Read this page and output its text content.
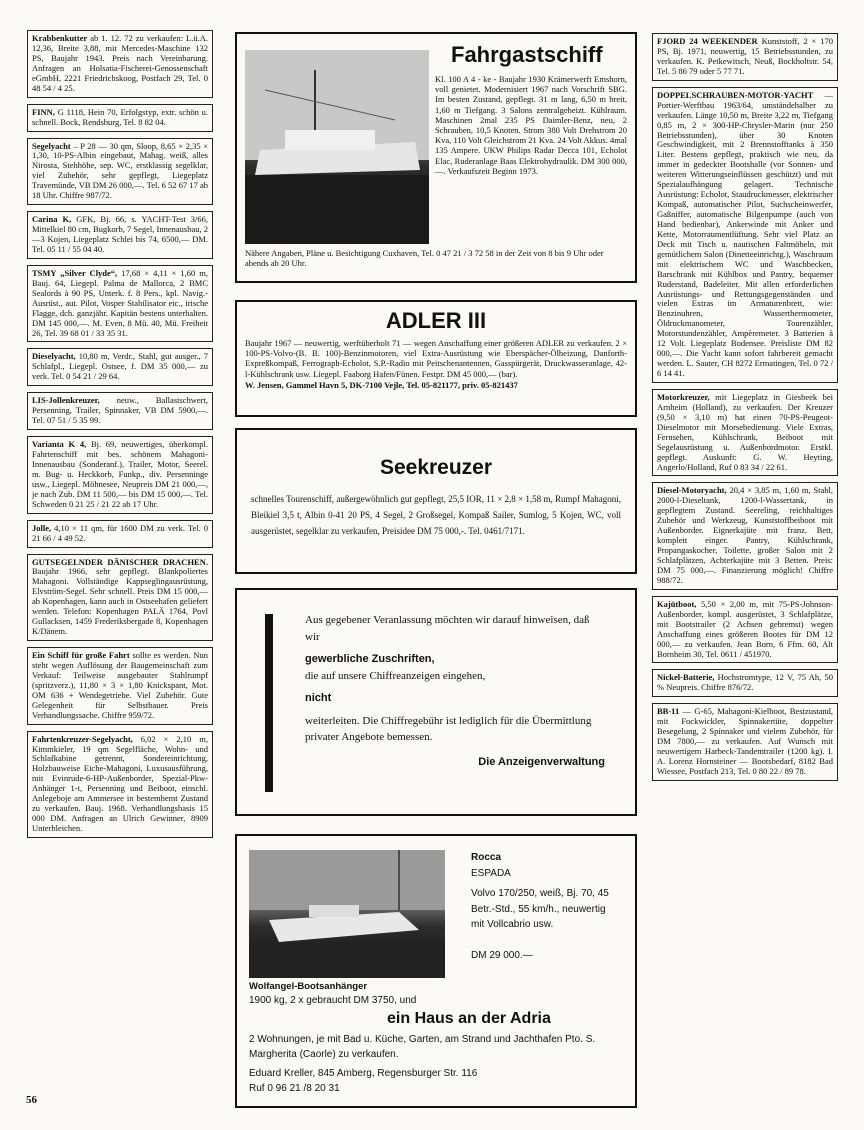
Krabbenkutter ab 1. 12. 72 zu verkaufen: L.ü.A. 12,36, Breite 3,88, mit Mercedes-Maschine 132 PS, Baujahr 1943. Preis nach Vereinbarung. Anfragen an Holsatia-Fischerei-Genossenschaft eGmbH, 2221 Friedrichskoog, Postfach 29, Tel. 0 48 54 / 4 25.
FINN, G 1118, Hein 70, Erfolgstyp, extr. schön u. schnell. Bock, Rendsburg, Tel. 8 82 04.
Segelyacht – P 28 — 30 qm, Sloop, 8,65 × 2,35 × 1,30, 10-PS-Albin eingebaut, Mahag. weiß, alles Nirosta, Stehhöhe, sep. WC, erstklassig segelklar, viel Zubehör, sehr gepflegt, Liegeplatz Travemünde, VB DM 26 000,—. Tel. 6 52 67 17 ab 18 Uhr. Chiffre 987/72.
Carina K, GFK, Bj. 66, s. YACHT-Test 3/66, Mittelkiel 80 cm, Bugkorb, 7 Segel, Innenausbau, 2—3 Kojen, Liegeplatz Schlei bis 74, 6500,— DM. Tel. 05 11 / 55 04 40.
TSMY „Silver Clyde“, 17,68 × 4,11 × 1,60 m, Bauj. 64, Liegepl. Palma de Mallorca, 2 BMC Sealords à 90 PS, Unterk. f. 8 Pers., kpl. Navig.-Ausrüst., aut. Pilot, Vosper Stabilisator etc., irische Flagge, dch. ganzjähr. Kapitän bestens unterhalten. DM 145 000,—. M. Even, 8 Mü. 40, Mü. Freiheit 26, Tel. 39 68 01 / 33 35 31.
Dieselyacht, 10,80 m, Verdr., Stahl, gut ausger., 7 Schlafpl., Liegepl. Ostsee, f. DM 35 000,— zu verk. Tel. 0 54 21 / 29 64.
LIS-Jollenkreuzer, neuw., Ballastschwert, Persenning, Trailer, Spinnaker, VB DM 5900,—. Tel. 07 51 / 5 35 99.
Varianta K 4, Bj. 69, neuwertiges, überkompl. Fahrtenschiff mit bes. schönem Mahagoni-Innenausbau (Sonderanf.), Trailer, Motor, Seerel. m. Bug- u. Heckkorb, Funkp., div. Persenninge usw., Liegepl. Möhnesee, Neupreis DM 21 000,—, je nach Zub. DM 11 500,— bis DM 15 000,—. Tel. Schweden 0 21 25 / 21 22 ab 17 Uhr.
Jolle, 4,10 × 11 qm, für 1600 DM zu verk. Tel. 0 21 66 / 4 49 52.
GUTSEGELNDER DÄNISCHER DRACHEN. Baujahr 1966, sehr gepflegt. Blankpoliertes Mahagoni. Vollständige Kappseglingausrüstung, Elvström-Segel. Sehr schnell. Preis DM 15 000,— ab Kopenhagen, kann auch in Ostseehafen geliefert werden. Telefon: Kopenhagen PALÄ 1764, Povl Gullacksen, 1459 Frederiksbergade 8, Kopenhagen K/Dänem.
Ein Schiff für große Fahrt sollte es werden. Nun steht wegen Auflösung der Baugemeinschaft zum Verkauf: Teilweise ausgebauter Stahlrumpf (spritzverz.), 11,80 × 3 × 1,80 Knickspant, Mot. OM 636 + Wendegetriebe. Viel Zubehör. Gute Gelegenheit für Selbstbauer. Preis Verhandlungssache. Chiffre 959/72.
Fahrtenkreuzer-Segelyacht, 6,02 × 2,10 m, Kimmkieler, 19 qm Segelfläche, Wohn- und Schlafkabine getrennt, Sondereinrichtung, Holzbauweise Eiche-Mahagoni, Luxusausführung, mit Evinrude-6-HP-Außenborder, Spezial-Pkw-Anhänger 1-t, Persenning und Beiboot, einschl. Anlegeboje am Ammersee in bestemhemt Zustand zu verkaufen. Bauj. 1968. Verhandlungsbasis 15 000 DM. Anfragen an Ulrich Gewinner, 8909 Unterbleichen.
Fahrgastschiff
Kl. 100 A 4 - ke - Baujahr 1930 Krämerwerft Emshorn, voll genietet. Modernisiert 1967 nach Vorschrift SBG. Im besten Zustand, gepflegt. 31 m lang, 6,50 m breit, 1,60 m Tiefgang. 3 Salons zentralgeheizt. Kühlraum. Maschinen 2mal 235 PS Daimler-Benz, neu, 2 Schrauben, 10,5 Knoten. Strom 380 Volt Drehstrom 20 Kva, 110 Volt Gleichstrom 21 Kva. 24 Volt Akkus. 4mal 135 Ampere. UKW Philips Radar Decca 101, Echolot Elac, Ruderanlage Baas Elektrohydraulik. DM 300 000,—. Verkaufszeit Beginn 1973.
Nähere Angaben, Pläne u. Besichtigung Cuxhaven, Tel. 0 47 21 / 3 72 58 in der Zeit von 8 bis 9 Uhr oder abends ab 20 Uhr.
ADLER III
Baujahr 1967 — neuwertig, werftüberholt 71 — wegen Anschaffung einer größeren ADLER zu verkaufen. 2 × 100-PS-Volvo-(B. B. 100)-Benzinmotoren, viel Extra-Ausrüstung wie Eberspächer-Ölheizung, Danforth-Expreßkompaß, Ferrograph-Echolot, S.P.-Radio mit Peitschenantennen, Gasspürgerät, Druckwasseranlage, 42-l-Kühlschrank usw. Liegepl. Faaborg Hafen/Fünen. Festpr. DM 45 000,— (bar).
W. Jensen, Gammel Havn 5, DK-7100 Vejle, Tel. 05-821177, priv. 05-821437
Seekreuzer
schnelles Tourenschiff, außergewöhnlich gut gepflegt, 25,5 IOR, 11 × 2,8 × 1,58 m, Rumpf Mahagoni, Bleikiel 3,5 t, Albin 0-41 20 PS, 4 Segel, 2 Großsegel, Kompaß Sailer, Sumlog, 5 Kojen, WC, voll ausgerüstet, segelklar zu verkaufen, Preisidee DM 75 000,-. Tel. 0461/7171.
Aus gegebener Veranlassung möchten wir darauf hinweisen, daß wir
gewerbliche Zuschriften,
die auf unsere Chiffreanzeigen eingehen,
nicht
weiterleiten. Die Chiffregebühr ist lediglich für die Übermittlung privater Angebote bemessen.
Die Anzeigenverwaltung
Rocca
ESPADA
Volvo 170/250, weiß, Bj. 70, 45 Betr.-Std., 55 km/h., neuwertig mit Vollcabrio usw.
DM 29 000.—
Wolfangel-Bootsanhänger
1900 kg, 2 x gebraucht DM 3750, und
ein Haus an der Adria
2 Wohnungen, je mit Bad u. Küche, Garten, am Strand und Jachthafen Pto. S. Margherita (Caorle) zu verkaufen.
Eduard Kreller, 845 Amberg, Regensburger Str. 116
Ruf 0 96 21 /8 20 31
FJORD 24 WEEKENDER Kunststoff, 2 × 170 PS, Bj. 1971, neuwertig, 15 Betriebsstunden, zu verkaufen. K. Petkewitsch, Neuß, Bockholtstr. 54, Tel. 5 86 79 oder 5 77 71.
DOPPELSCHRAUBEN-MOTOR-YACHT — Portier-Werftbau 1963/64, umständehalber zu verkaufen. Länge 10,50 m, Breite 3,22 m, Tiefgang 0,85 m, 2 × 300-HP-Chrysler-Marin (nur 250 Betriebsstunden), über 30 Knoten Geschwindigkeit, mit 2 Brennstofftanks à 350 Liter. Bestens gepflegt, praktisch wie neu, da immer in gedeckter Bootshalle (vor Sonnen- und weiteren Witterungseinflüssen geschützt) und mit Spezialaufhängung gelagert. Technische Ausrüstung: Echolot, Staudruckmesser, elektrischer Kompaß, automatischer Pilot, Suchscheinwerfer, Gaßniffer, automatische Bilgenpumpe (auch von Hand bedienbar), Ankerwinde mit Anker und Kette, Motorraumentlüftung. Sehr viel Platz an Deck mit Tisch u. nautischen Faltmöbeln, mit gemütlichem Salon (Dinetteeinrichtg.), Waschraum mit elektrischem WC und Waschbecken, Barschrank mit Kühlbox und Pantry, bequemer Ruderstand, Badeleiter. Mit allen erforderlichen Ausrüstungs- und Rettungsgegenständen und vielen Extras im Armaturenbrett, wie: Benzinuhren, Wasserthermometer, Öldruckmanometer, Tourenzähler, Motorstundenzähler, Ampèremeter. 3 Batterien à 12 Volt. Liegeplatz Bodensee. Preisliste DM 82 000,—. Die Yacht kann sofort fahrbereit gemacht werden. L. Sauter, CH 8272 Ermatingen, Tel. 0 72 / 6 14 41.
Motorkreuzer, mit Liegeplatz in Giesbeek bei Arnheim (Holland), zu verkaufen. Der Kreuzer (9,50 × 3,10 m) hat einen 70-PS-Peugeot-Dieselmotor mit Morsebedienung. Viele Extras, Fernsehen, Kühlschrank, Beiboot mit Segelausrüstung u. Außenbordmotor. Erstkl. gepflegt. Auskunft: G. W. Heyting, Angerlo/Holland, Ruf 0 83 34 / 22 61.
Diesel-Motoryacht, 20,4 × 3,85 m, 1,60 m, Stahl, 2000-l-Dieseltank, 1200-l-Wassertank, in gepflegtem Zustand. Seereling, reichhaltiges Zubehör und Werkzeug, Kunststoffbeiboot mit Außenborder. Eignerkajüte mit franz. Bett, komplett einger. Pantry, Kühlschrank, Propangaskocher, Toilette, großer Salon mit 2 Schlafplätzen, Achterkajüte mit 3 Betten. Preis: DM 75 000,—. Finanzierung möglich! Chiffre 988/72.
Kajütboot, 5,50 × 2,00 m, mit 75-PS-Johnson-Außenborder, kompl. ausgerüstet, 3 Schlafplätze, mit Bootstrailer (2 Achsen gebremst) wegen Anschaffung eines größeren Bootes für DM 12 000,— zu verkaufen. Jean Born, 6 Ffm. 60, Alt Bornheim 30, Tel. 0611 / 451970.
Nickel-Batterie, Hochstromtype, 12 V, 75 Ah, 50 % Neupreis. Chiffre 876/72.
BB-11 — G-65, Mahagoni-Kielboot, Bestzustand, mit Fockwickler, Spinnakertüte, doppelter Besegelung, 2 Spinnaker und vielem Zubehör, für DM 7800,— zu verkaufen. Auf Wunsch mit neuwertigem Harbeck-Tandemtrailer (1200 kg). I. A. Lorenz Hornsteiner — Bootsbedarf, 8182 Bad Wiessee, Postfach 213, Tel. 0 80 22 / 89 78.
56
